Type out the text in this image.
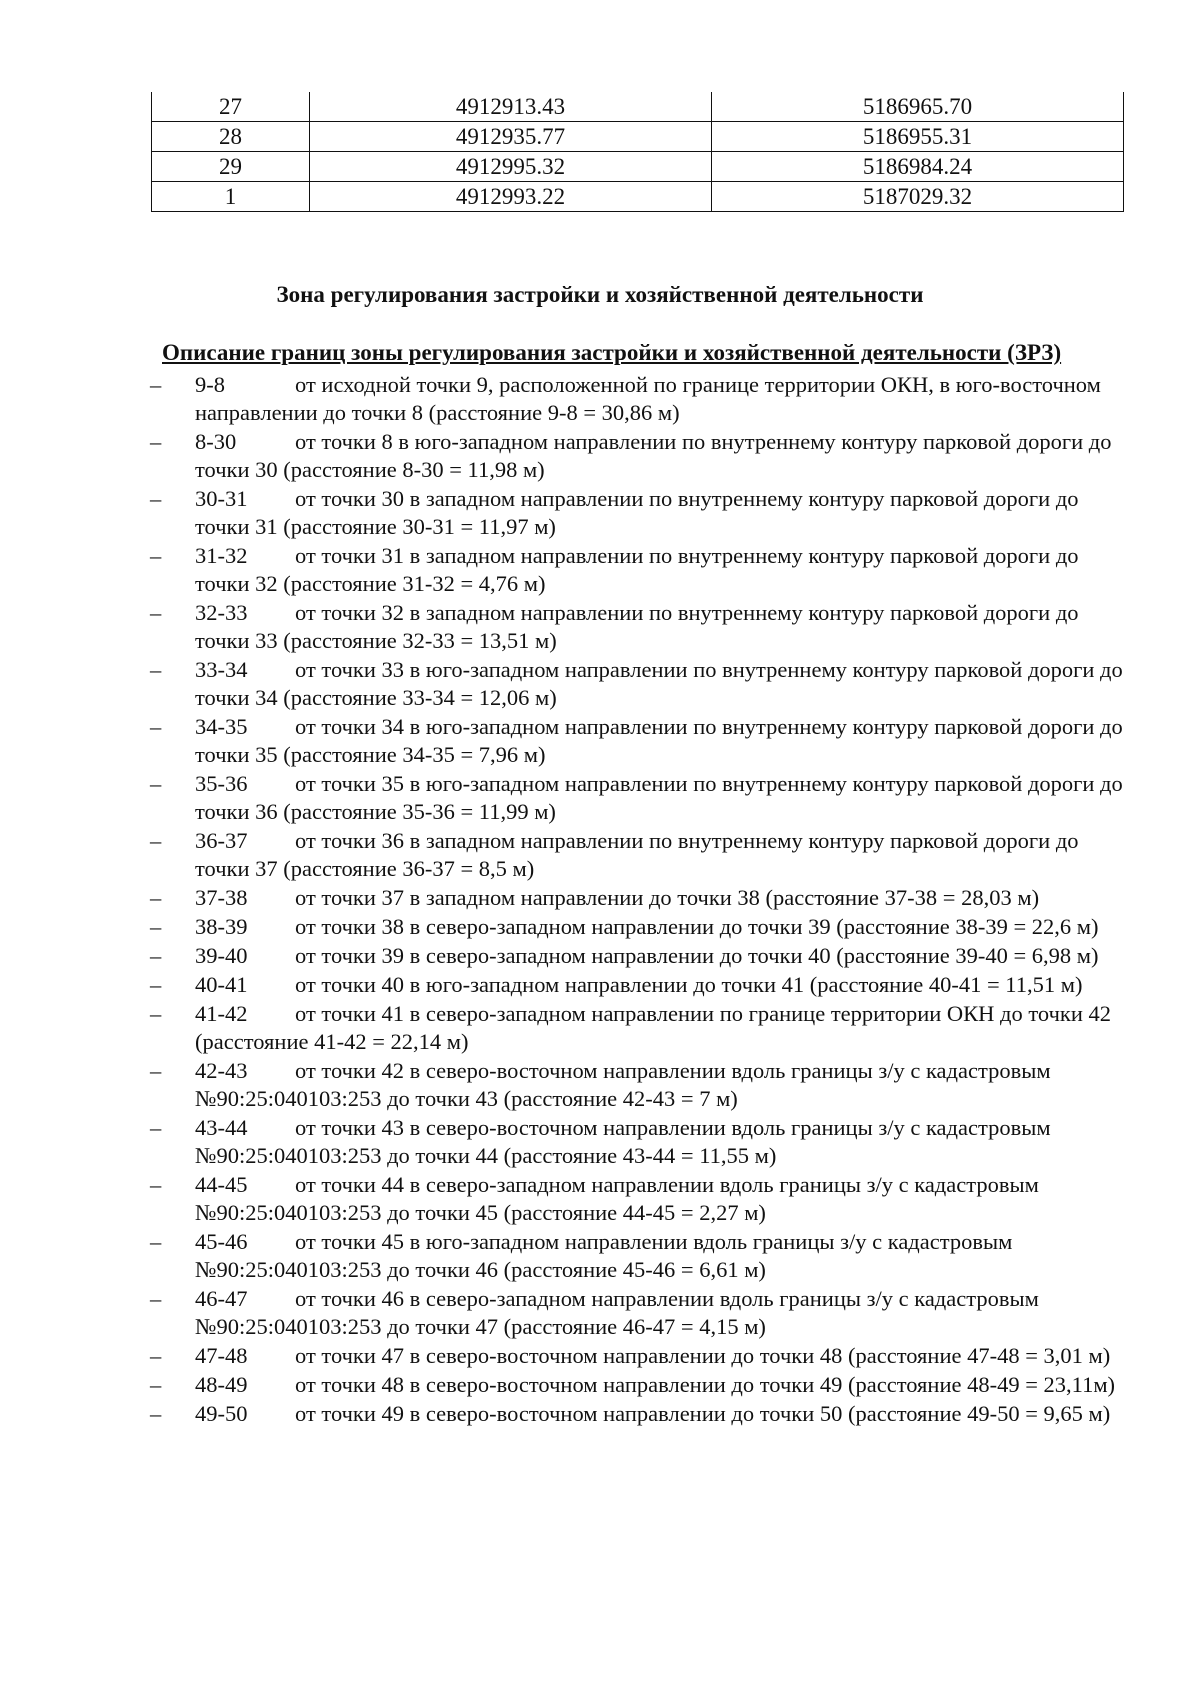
27	4912913.43	5186965.70
28	4912935.77	5186955.31
29	4912995.32	5186984.24
1	4912993.22	5187029.32
Зона регулирования застройки и хозяйственной деятельности
Описание границ зоны регулирования застройки и хозяйственной деятельности (ЗРЗ)
– 9-8	от исходной точки 9, расположенной по границе территории ОКН, в юго-восточном направлении до точки 8 (расстояние 9-8 = 30,86 м)
– 8-30	от точки 8 в юго-западном направлении по внутреннему контуру парковой дороги до точки 30 (расстояние 8-30 = 11,98 м)
– 30-31 от точки 30 в западном направлении по внутреннему контуру парковой дороги до точки 31 (расстояние 30-31 = 11,97 м)
– 31-32 от точки 31 в западном направлении по внутреннему контуру парковой дороги до точки 32 (расстояние 31-32 = 4,76 м)
– 32-33 от точки 32 в западном направлении по внутреннему контуру парковой дороги до точки 33 (расстояние 32-33 = 13,51 м)
– 33-34 от точки 33 в юго-западном направлении по внутреннему контуру парковой дороги до точки 34 (расстояние 33-34 = 12,06 м)
– 34-35 от точки 34 в юго-западном направлении по внутреннему контуру парковой дороги до точки 35 (расстояние 34-35 = 7,96 м)
– 35-36 от точки 35 в юго-западном направлении по внутреннему контуру парковой дороги до точки 36 (расстояние 35-36 = 11,99 м)
– 36-37 от точки 36 в западном направлении по внутреннему контуру парковой дороги до точки 37 (расстояние 36-37 = 8,5 м)
– 37-38 от точки 37 в западном направлении до точки 38 (расстояние 37-38 = 28,03 м)
– 38-39 от точки 38 в северо-западном направлении до точки 39 (расстояние 38-39 = 22,6 м)
– 39-40 от точки 39 в северо-западном направлении до точки 40 (расстояние 39-40 = 6,98 м)
– 40-41 от точки 40 в юго-западном направлении до точки 41 (расстояние 40-41 = 11,51 м)
– 41-42 от точки 41 в северо-западном направлении по границе территории ОКН до точки 42 (расстояние 41-42 = 22,14 м)
– 42-43 от точки 42 в северо-восточном направлении вдоль границы з/у с кадастровым №90:25:040103:253 до точки 43 (расстояние 42-43 = 7 м)
– 43-44 от точки 43 в северо-восточном направлении вдоль границы з/у с кадастровым №90:25:040103:253 до точки 44 (расстояние 43-44 = 11,55 м)
– 44-45 от точки 44 в северо-западном направлении вдоль границы з/у с кадастровым №90:25:040103:253 до точки 45 (расстояние 44-45 = 2,27 м)
– 45-46 от точки 45 в юго-западном направлении вдоль границы з/у с кадастровым №90:25:040103:253 до точки 46 (расстояние 45-46 = 6,61 м)
– 46-47 от точки 46 в северо-западном направлении вдоль границы з/у с кадастровым №90:25:040103:253 до точки 47 (расстояние 46-47 = 4,15 м)
– 47-48 от точки 47 в северо-восточном направлении до точки 48 (расстояние 47-48 = 3,01 м)
– 48-49 от точки 48 в северо-восточном направлении до точки 49 (расстояние 48-49 = 23,11м)
– 49-50 от точки 49 в северо-восточном направлении до точки 50 (расстояние 49-50 = 9,65 м)
